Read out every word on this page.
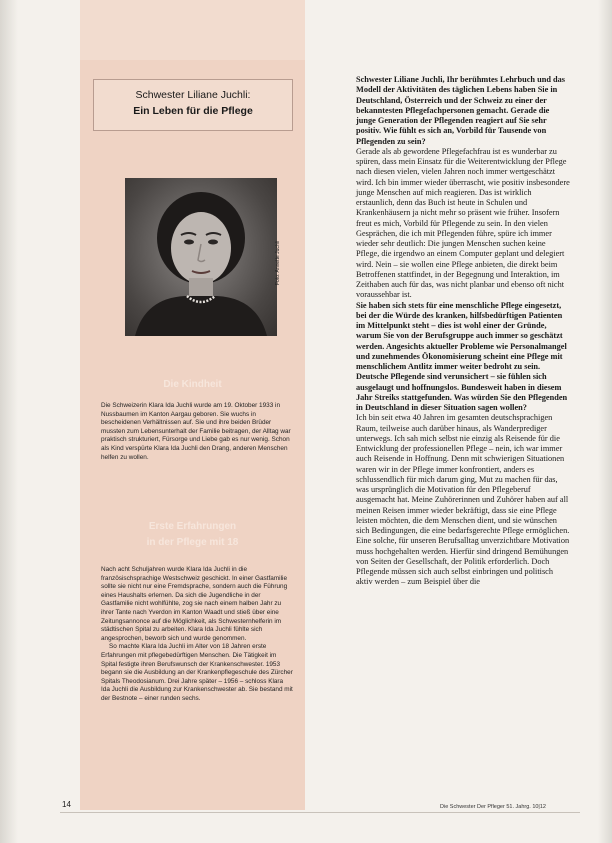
Schwester Liliane Juchli:
Ein Leben für die Pflege
Foto: Annette Juchli
Die Kindheit

Die Schweizerin Klara Ida Juchli wurde am 19. Oktober 1933 in Nussbaumen im Kanton Aargau geboren. Sie wuchs in bescheidenen Verhältnissen auf. Sie und ihre beiden Brüder mussten zum Lebensunterhalt der Familie beitragen, der Alltag war praktisch strukturiert, Fürsorge und Liebe gab es nur wenig. Schon als Kind verspürte Klara Ida Juchli den Drang, anderen Menschen helfen zu wollen.

Erste Erfahrungen
in der Pflege mit 18

Nach acht Schuljahren wurde Klara Ida Juchli in die französischsprachige Westschweiz geschickt. In einer Gastfamilie sollte sie nicht nur eine Fremdsprache, sondern auch die Führung eines Haushalts erlernen. Da sich die Jugendliche in der Gastfamilie nicht wohlfühlte, zog sie nach einem halben Jahr zu ihrer Tante nach Yverdon im Kanton Waadt und stieß über eine Zeitungsannonce auf die Möglichkeit, als Schwesternhelferin im städtischen Spital zu arbeiten. Klara Ida Juchli fühlte sich angesprochen, beworb sich und wurde genommen.

So machte Klara Ida Juchli im Alter von 18 Jahren erste Erfahrungen mit pflegebedürftigen Menschen. Die Tätigkeit im Spital festigte ihren Berufswunsch der Krankenschwester. 1953 begann sie die Ausbildung an der Krankenpflegeschule des Zürcher Spitals Theodosianum. Drei Jahre später – 1956 – schloss Klara Ida Juchli die Ausbildung zur Krankenschwester ab. Sie bestand mit der Bestnote – einer runden sechs.

Schwester Liliane Juchli, Ihr berühmtes Lehrbuch und das Modell der Aktivitäten des täglichen Lebens haben Sie in Deutschland, Österreich und der Schweiz zu einer der bekanntesten Pflegefachpersonen gemacht. Gerade die junge Generation der Pflegenden reagiert auf Sie sehr positiv. Wie fühlt es sich an, Vorbild für Tausende von Pflegenden zu sein?

Gerade als ab gewordene Pflegefachfrau ist es wunderbar zu spüren, dass mein Einsatz für die Weiterentwicklung der Pflege nach diesen vielen, vielen Jahren noch immer wertgeschätzt wird. Ich bin immer wieder überrascht, wie positiv insbesondere junge Menschen auf mich reagieren. Das ist wirklich erstaunlich, denn das Buch ist heute in Schulen und Krankenhäusern ja nicht mehr so präsent wie früher. Insofern freut es mich, Vorbild für Pflegende zu sein. In den vielen Gesprächen, die ich mit Pflegenden führe, spüre ich immer wieder sehr deutlich: Die jungen Menschen suchen keine Pflege, die irgendwo an einem Computer geplant und delegiert wird. Nein – sie wollen eine Pflege anbieten, die direkt beim Betroffenen stattfindet, in der Begegnung und Interaktion, im Zeithaben auch für das, was nicht planbar und ebenso oft nicht voraussehbar ist.

Sie haben sich stets für eine menschliche Pflege eingesetzt, bei der die Würde des kranken, hilfsbedürftigen Patienten im Mittelpunkt steht – dies ist wohl einer der Gründe, warum Sie von der Berufsgruppe auch immer so geschätzt werden. Angesichts aktueller Probleme wie Personalmangel und zunehmendes Ökonomisierung scheint eine Pflege mit menschlichem Antlitz immer weiter bedroht zu sein. Deutsche Pflegende sind verunsichert – sie fühlen sich ausgelaugt und hoffnungslos. Bundesweit haben in diesem Jahr Streiks stattgefunden. Was würden Sie den Pflegenden in Deutschland in dieser Situation sagen wollen?

Ich bin seit etwa 40 Jahren im gesamten deutschsprachigen Raum, teilweise auch darüber hinaus, als Wanderprediger unterwegs. Ich sah mich selbst nie einzig als Reisende für die Entwicklung der professionellen Pflege – nein, ich war immer auch Reisende in Hoffnung. Denn mit schwierigen Situationen waren wir in der Pflege immer konfrontiert, anders es schlussendlich für mich darum ging, Mut zu machen für das, was ursprünglich die Motivation für den Pflegeberuf ausgemacht hat. Meine Zuhörerinnen und Zuhörer haben auf all meinen Reisen immer wieder bekräftigt, dass sie eine Pflege leisten möchten, die dem Menschen dient, und sie wünschen sich Bedingungen, die eine bedarfsgerechte Pflege ermöglichen. Eine solche, für unseren Berufsalltag unverzichtbare Motivation muss hochgehalten werden. Hierfür sind dringend Bemühungen von Seiten der Gesellschaft, der Politik erforderlich. Doch Pflegende müssen sich auch selbst einbringen und politisch aktiv werden – zum Beispiel über die

14	Die Schwester Der Pfleger 51. Jahrg. 10|12
